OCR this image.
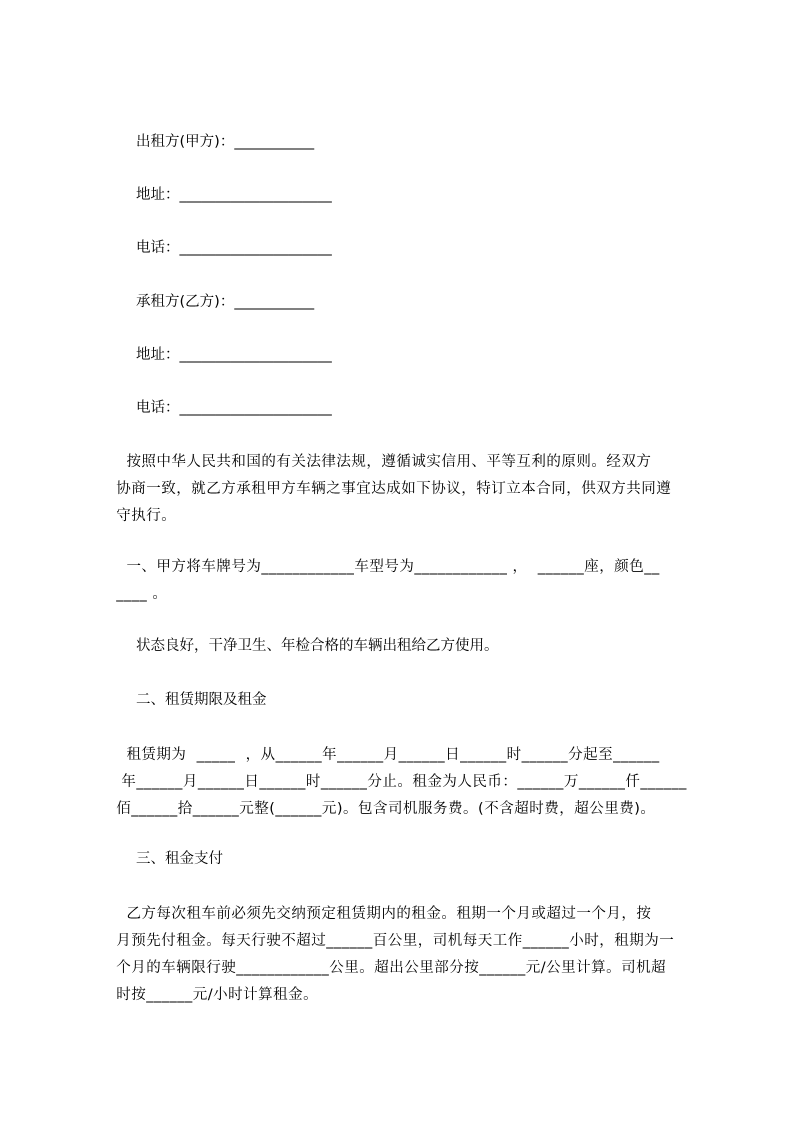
出租方(甲方)：___________
地址：_____________________
电话：_____________________
承租方(乙方)：___________
地址：_____________________
电话：_____________________

按照中华人民共和国的有关法律法规，遵循诚实信用、平等互利的原则。经双方

协商一致，就乙方承租甲方车辆之事宜达成如下协议，特订立本合同，供双方共同遵

守执行。

一、甲方将车牌号为____________车型号为____________ ，  ______座，颜色__

____ 。

状态良好，干净卫生、年检合格的车辆出租给乙方使用。
二、租赁期限及租金

租赁期为  _____  ，从______年______月______日______时______分起至______

年______月______日______时______分止。租金为人民币：______万______仟______

佰______拾______元整(______元)。包含司机服务费。(不含超时费，超公里费)。

三、租金支付

乙方每次租车前必须先交纳预定租赁期内的租金。租期一个月或超过一个月，按

月预先付租金。每天行驶不超过______百公里，司机每天工作______小时，租期为一

个月的车辆限行驶____________公里。超出公里部分按______元/公里计算。司机超

时按______元/小时计算租金。
